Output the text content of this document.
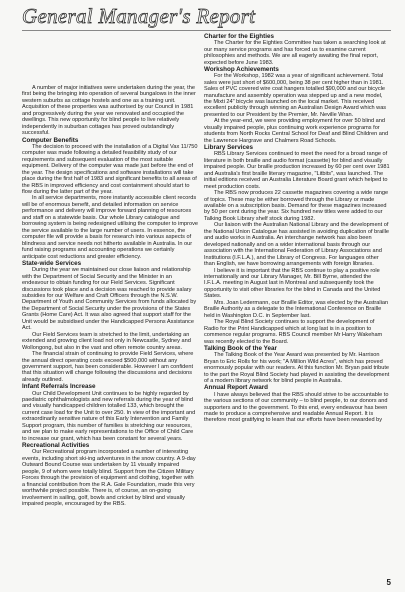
General Manager's Report

A number of major initiatives were undertaken during the year, the first being the bringing into operation of several bungalows in the inner western suburbs as cottage hostels and one as a training unit. Acquisition of these properties was authorised by our Council in 1981 and progressively during the year we renovated and occupied the dwellings. This new opportunity for blind people to live relatively independently in suburban cottages has proved outstandingly successful.

Computer Benefits

The decision to proceed with the installation of a Digital Vax 11/750 computer was made following a detailed feasibility study of our requirements and subsequent evaluation of the most suitable equipment. Delivery of the computer was made just before the end of the year. The design specifications and software installations will take place during the first half of 1983 and significant benefits to all areas of the RBS in improved efficiency and cost containment should start to flow during the latter part of the year.

In all service departments, more instantly accessible client records will be of enormous benefit, and detailed information on service performance and delivery will improve forward planning of resources and staff on a statewide basis. Our whole Library catalogue and borrowing system is being redesigned utilising the computer to improve the service available to the large number of users. In essence, the computer file will provide a basis for research into various aspects of blindness and service needs not hitherto available in Australia. In our fund raising programs and accounting operations we certainly anticipate cost reductions and greater efficiency.

State-wide Services

During the year we maintained our close liaison and relationship with the Department of Social Security and the Minister in an endeavour to obtain funding for our Field Services. Significant discussions took place and a decision was reached to provide salary subsidies for our Welfare and Craft Officers through the N.S.W. Department of Youth and Community Services from funds allocated by the Department of Social Security under the provisions of the States Grants (Home Care) Act. It was also agreed that support staff for the Unit would be subsidised under the Handicapped Persons Assistance Act.

Our Field Services team is stretched to the limit, undertaking an extended and growing client load not only in Newcastle, Sydney and Wollongong, but also in the vast and often remote country areas.

The financial strain of continuing to provide Field Services, where the annual direct operating costs exceed $500,000 without any government support, has been considerable. However I am confident that this situation will change following the discussions and decisions already outlined.

Infant Referrals Increase

Our Child Development Unit continues to be highly regarded by paediatric ophthalmologists and new referrals during the year of blind and visually handicapped children totalled 133, which brought the current case load for the Unit to over 250. In view of the important and extraordinarily sensitive nature of this Early Intervention and Family Support program, this number of families is stretching our resources, and we plan to make early representations to the Office of Child Care to increase our grant, which has been constant for several years.

Recreational Activities

Our Recreational program incorporated a number of interesting events, including short ski-ing adventures in the snow country. A 9-day Outward Bound Course was undertaken by 11 visually impaired people, 9 of whom were totally blind. Support from the Citizen Military Forces through the provision of equipment and clothing, together with a financial contribution from the R.A. Gale Foundation, made this very worthwhile project possible. There is, of course, an on-going involvement in sailing, golf, bowls and cricket by blind and visually impaired people, encouraged by the RBS.

Charter for the Eighties

The Charter for the Eighties Committee has taken a searching look at our many service programs and has forced us to examine current philosophies and methods. We are all eagerly awaiting the final report, expected before June 1983.

Workshop Achievements

For the Workshop, 1982 was a year of significant achievement. Total sales were just short of $600,000, being 38 per cent higher than in 1981. Sales of PVC covered wire coat hangers totalled $90,000 and our bicycle manufacture and assembly operation was stepped up and a new model, the Mixti 24" bicycle was launched on the local market. This received excellent publicity through winning an Australian Design Award which was presented to our President by the Premier, Mr. Neville Wran.

At the year-end, we were providing employment for over 50 blind and visually impaired people, plus continuing work experience programs for students from North Rocks Central School for Deaf and Blind Children and the Lawrence Hargrave and Chalmers Road Schools.

Library Services

RBS Library Services continued to meet the need for a broad range of literature in both braille and audio format (cassette) for blind and visually impaired people. Our braille production increased by 60 per cent over 1981 and Australia's first braille literary magazine, "Litbits", was launched. The initial editions received an Australia Literature Board grant which helped to meet production costs.

The RBS now produces 22 cassette magazines covering a wide range of topics. These may be either borrowed through the Library or made available on a subscription basis. Demand for these magazines increased by 50 per cent during the year. Six hundred new titles were added to our Talking Book Library shelf stock during 1982.

Our liaison with the Australian National Library and the development of the National Union Catalogue has assisted in avoiding duplication of braille and audio works in Australia. An interchange network has also been developed nationally and on a wider international basis through our association with the International Federation of Library Associations and Institutions (I.F.L.A.), and the Library of Congress. For languages other than English, we have borrowing arrangements with foreign libraries.

I believe it is important that the RBS continue to play a positive role internationally and our Library Manager, Mr. Bill Byrne, attended the I.F.L.A. meeting in August last in Montreal and subsequently took the opportunity to visit other libraries for the blind in Canada and the United States.

Mrs. Joan Ledermann, our Braille Editor, was elected by the Australian Braille Authority as a delegate to the International Conference on Braille held in Washington D.C. in September last.

The Royal Blind Society continues to support the development of Radio for the Print Handicapped which at long last is in a position to commence regular programs. RBS Council member Mr Harry Wakeham was recently elected to the Board.

Talking Book of the Year

The Talking Book of the Year Award was presented by Mr. Harrison Bryan to Eric Rolls for his work; "A Million Wild Acres", which has proved enormously popular with our readers. At this function Mr. Bryan paid tribute to the part the Royal Blind Society had played in assisting the development of a modern library network for blind people in Australia.

Annual Report Award

I have always believed that the RBS should strive to be accountable to the various sections of our community – to blind people, to our donors and supporters and to the government. To this end, every endeavour has been made to produce a comprehensive and readable Annual Report. It is therefore most gratifying to learn that our efforts have been rewarded by

5
